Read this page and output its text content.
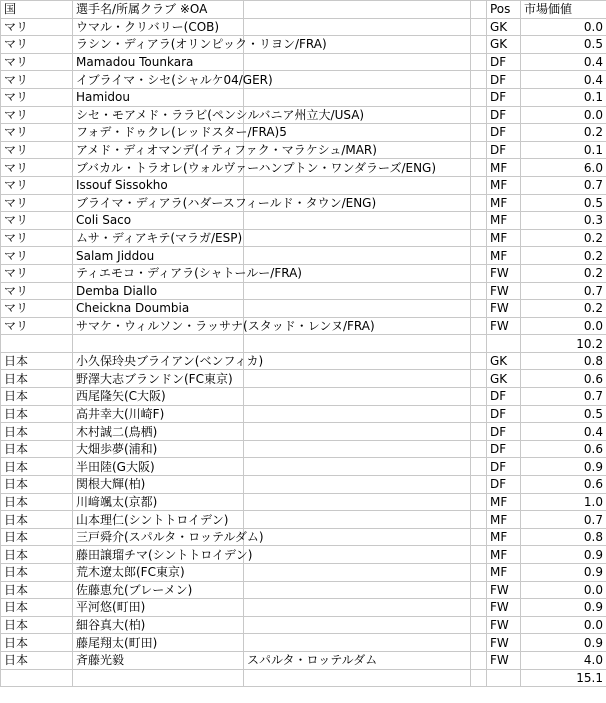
国	選手名/所属クラブ ※OA			Pos	市場価値
マリ	ウマル・クリバリー(COB)			GK	0.0
マリ	ラシン・ディアラ(オリンピック・リヨン/FRA)			GK	0.5
マリ	Mamadou Tounkara			DF	0.4
マリ	イブライマ・シセ(シャルケ04/GER)			DF	0.4
マリ	Hamidou			DF	0.1
マリ	シセ・モアメド・ララビ(ペンシルバニア州立大/USA)			DF	0.0
マリ	フォデ・ドゥクレ(レッドスター/FRA)5			DF	0.2
マリ	アメド・ディオマンデ(イティファク・マラケシュ/MAR)			DF	0.1
マリ	ブバカル・トラオレ(ウォルヴァーハンプトン・ワンダラーズ/ENG)			MF	6.0
マリ	Issouf Sissokho			MF	0.7
マリ	ブライマ・ディアラ(ハダースフィールド・タウン/ENG)			MF	0.5
マリ	Coli Saco			MF	0.3
マリ	ムサ・ディアキテ(マラガ/ESP)			MF	0.2
マリ	Salam Jiddou			MF	0.2
マリ	ティエモコ・ディアラ(シャトールー/FRA)			FW	0.2
マリ	Demba Diallo			FW	0.7
マリ	Cheickna Doumbia			FW	0.2
マリ	サマケ・ウィルソン・ラッサナ(スタッド・レンヌ/FRA)			FW	0.0
					10.2
日本	小久保玲央ブライアン(ベンフィカ)			GK	0.8
日本	野澤大志ブランドン(FC東京)			GK	0.6
日本	西尾隆矢(C大阪)			DF	0.7
日本	高井幸大(川崎F)			DF	0.5
日本	木村誠二(鳥栖)			DF	0.4
日本	大畑歩夢(浦和)			DF	0.6
日本	半田陸(G大阪)			DF	0.9
日本	関根大輝(柏)			DF	0.6
日本	川﨑颯太(京都)			MF	1.0
日本	山本理仁(シントトロイデン)			MF	0.7
日本	三戸舜介(スパルタ・ロッテルダム)			MF	0.8
日本	藤田譲瑠チマ(シントトロイデン)			MF	0.9
日本	荒木遼太郎(FC東京)			MF	0.9
日本	佐藤恵允(ブレーメン)			FW	0.0
日本	平河悠(町田)			FW	0.9
日本	細谷真大(柏)			FW	0.0
日本	藤尾翔太(町田)			FW	0.9
日本	斉藤光毅	スパルタ・ロッテルダム		FW	4.0
					15.1
